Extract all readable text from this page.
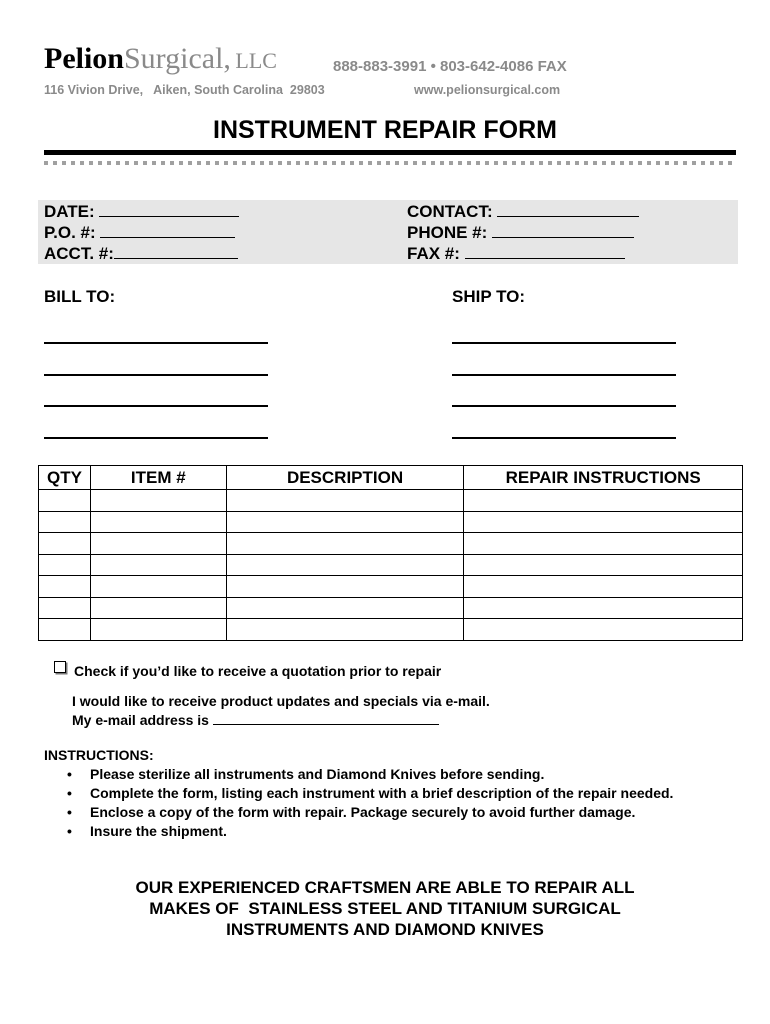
PelionSurgical, LLC	888-883-3991 • 803-642-4086 FAX
116 Vivion Drive,   Aiken, South Carolina  29803	www.pelionsurgical.com
INSTRUMENT REPAIR FORM
DATE:
P.O. #:
ACCT. #:
CONTACT:
PHONE #:
FAX #:
BILL TO:	SHIP TO:
QTY	ITEM #	DESCRIPTION	REPAIR INSTRUCTIONS

Check if you’d like to receive a quotation prior to repair
I would like to receive product updates and specials via e-mail.
My e-mail address is
INSTRUCTIONS:
• Please sterilize all instruments and Diamond Knives before sending.
• Complete the form, listing each instrument with a brief description of the repair needed.
• Enclose a copy of the form with repair. Package securely to avoid further damage.
• Insure the shipment.
OUR EXPERIENCED CRAFTSMEN ARE ABLE TO REPAIR ALL
MAKES OF  STAINLESS STEEL AND TITANIUM SURGICAL
INSTRUMENTS AND DIAMOND KNIVES
